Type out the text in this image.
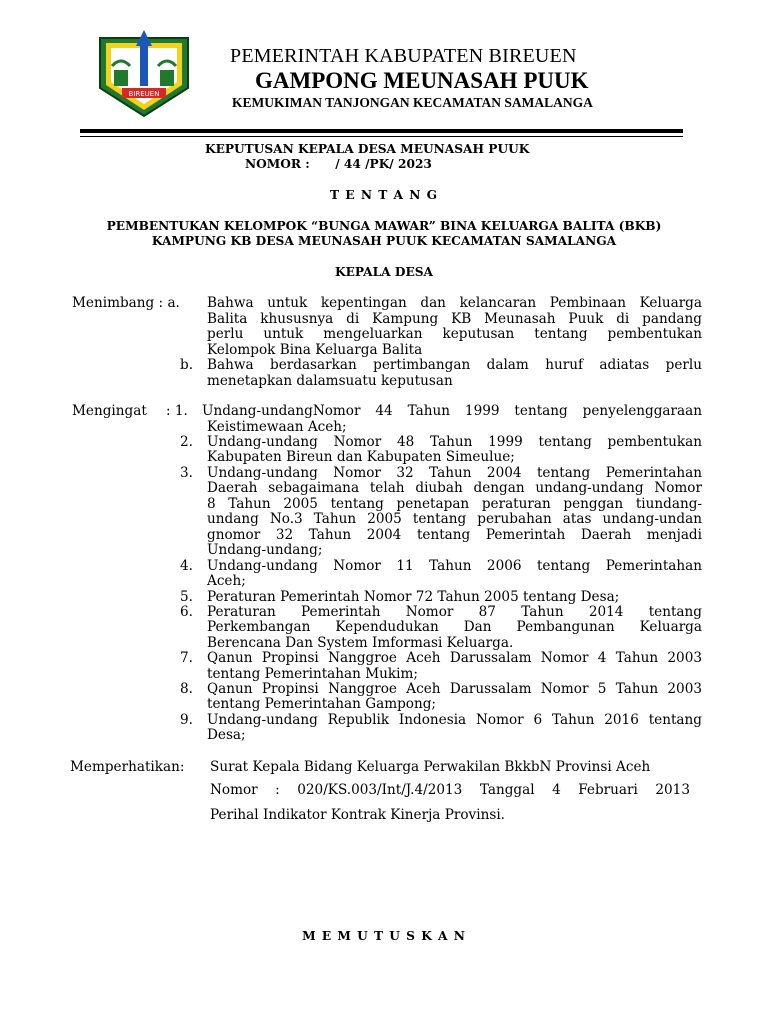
BIREUEN
PEMERINTAH KABUPATEN BIREUEN
GAMPONG MEUNASAH PUUK
KEMUKIMAN TANJONGAN KECAMATAN SAMALANGA
KEPUTUSAN KEPALA DESA MEUNASAH PUUK
NOMOR :      / 44 /PK/ 2023
T E N T A N G
PEMBENTUKAN KELOMPOK “BUNGA MAWAR” BINA KELUARGA BALITA (BKB)
KAMPUNG KB DESA MEUNASAH PUUK KECAMATAN SAMALANGA
KEPALA DESA
Menimbang : a. Bahwa untuk kepentingan dan kelancaran Pembinaan Keluarga
Balita khususnya di Kampung KB Meunasah Puuk di pandang
perlu untuk mengeluarkan keputusan tentang pembentukan
Kelompok Bina Keluarga Balita
b. Bahwa berdasarkan pertimbangan dalam huruf adiatas perlu
menetapkan dalamsuatu keputusan
Mengingat : 1. Undang-undangNomor 44 Tahun 1999 tentang penyelenggaraan
Keistimewaan Aceh;
2. Undang-undang Nomor 48 Tahun 1999 tentang pembentukan
Kabupaten Bireun dan Kabupaten Simeulue;
3. Undang-undang Nomor 32 Tahun 2004 tentang Pemerintahan
Daerah sebagaimana telah diubah dengan undang-undang Nomor
8 Tahun 2005 tentang penetapan peraturan penggan tiundang-
undang No.3 Tahun 2005 tentang perubahan atas undang-undan
gnomor 32 Tahun 2004 tentang Pemerintah Daerah menjadi
Undang-undang;
4. Undang-undang Nomor 11 Tahun 2006 tentang Pemerintahan
Aceh;
5. Peraturan Pemerintah Nomor 72 Tahun 2005 tentang Desa;
6. Peraturan Pemerintah Nomor 87 Tahun 2014 tentang
Perkembangan Kependudukan Dan Pembangunan Keluarga
Berencana Dan System Imformasi Keluarga.
7. Qanun Propinsi Nanggroe Aceh Darussalam Nomor 4 Tahun 2003
tentang Pemerintahan Mukim;
8. Qanun Propinsi Nanggroe Aceh Darussalam Nomor 5 Tahun 2003
tentang Pemerintahan Gampong;
9. Undang-undang Republik Indonesia Nomor 6 Tahun 2016 tentang
Desa;
Memperhatikan: Surat Kepala Bidang Keluarga Perwakilan BkkbN Provinsi Aceh
Nomor : 020/KS.003/Int/J.4/2013 Tanggal 4 Februari 2013
Perihal Indikator Kontrak Kinerja Provinsi.
M E M U T U S K A N
